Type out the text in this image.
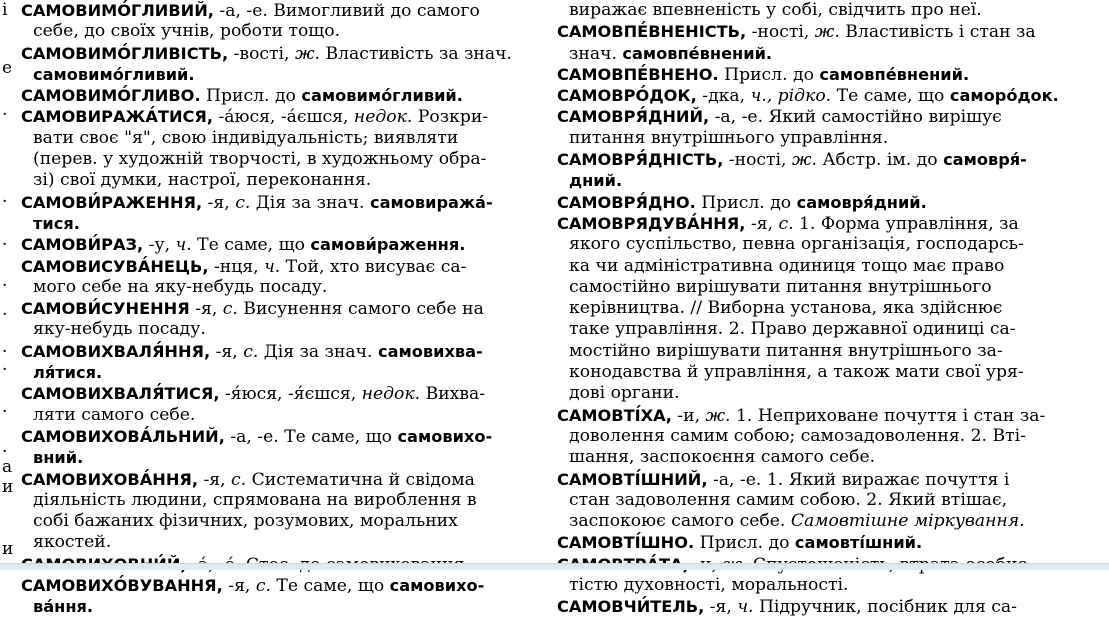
і
е
.
.
.
.
.
.
.
.
.
а
и
и
САМОВИМО́ГЛИВИЙ, -а, -е. Вимогливий до самого
себе, до своїх учнів, роботи тощо.
САМОВИМО́ГЛИВІСТЬ, -вості, ж. Властивість за знач.
самовимо́гливий.
САМОВИМО́ГЛИВО. Присл. до самовимо́гливий.
САМОВИРАЖА́ТИСЯ, -а́юся, -а́єшся, недок. Розкри-
вати своє "я", свою індивідуальність; виявляти
(перев. у художній творчості, в художньому обра-
зі) свої думки, настрої, переконання.
САМОВИ́РАЖЕННЯ, -я, с. Дія за знач. самовиража́-
тися.
САМОВИ́РАЗ, -у, ч. Те саме, що самови́раження.
САМОВИСУВА́НЕЦЬ, -нця, ч. Той, хто висуває са-
мого себе на яку-небудь посаду.
САМОВИ́СУНЕННЯ -я, с. Висунення самого себе на
яку-небудь посаду.
САМОВИХВАЛЯ́ННЯ, -я, с. Дія за знач. самовихва-
ля́тися.
САМОВИХВАЛЯ́ТИСЯ, -я́юся, -я́єшся, недок. Вихва-
ляти самого себе.
САМОВИХОВА́ЛЬНИЙ, -а, -е. Те саме, що самовихо-
вний.
САМОВИХОВА́ННЯ, -я, с. Систематична й свідома
діяльність людини, спрямована на вироблення в
собі бажаних фізичних, розумових, моральних
якостей.
САМОВИХО́ВУВАННЯ, -я, с. Те саме, що самовихо-
ва́ння.
виражає впевненість у собі, свідчить про неї.
САМОВПЕ́ВНЕНІСТЬ, -ності, ж. Властивість і стан за
знач. самовпе́внений.
САМОВПЕ́ВНЕНО. Присл. до самовпе́внений.
САМОВРО́ДОК, -дка, ч., рідко. Те саме, що саморо́док.
САМОВРЯ́ДНИЙ, -а, -е. Який самостійно вирішує
питання внутрішнього управління.
САМОВРЯ́ДНІСТЬ, -ності, ж. Абстр. ім. до самовря́-
дний.
САМОВРЯ́ДНО. Присл. до самовря́дний.
САМОВРЯДУВА́ННЯ, -я, с. 1. Форма управління, за
якого суспільство, певна організація, господарсь-
ка чи адміністративна одиниця тощо має право
самостійно вирішувати питання внутрішнього
керівництва. // Виборна установа, яка здійснює
таке управління. 2. Право державної одиниці са-
мостійно вирішувати питання внутрішнього за-
конодавства й управління, а також мати свої уря-
дові органи.
САМОВТІ́ХА, -и, ж. 1. Неприховане почуття і стан за-
доволення самим собою; самозадоволення. 2. Вті-
шання, заспокоєння самого себе.
САМОВТІ́ШНИЙ, -а, -е. 1. Який виражає почуття і
стан задоволення самим собою. 2. Який втішає,
заспокоює самого себе. Самовтішне міркування.
САМОВТІ́ШНО. Присл. до самовті́шний.
тістю духовності, моральності.
САМОВЧИ́ТЕЛЬ, -я, ч. Підручник, посібник для са-
